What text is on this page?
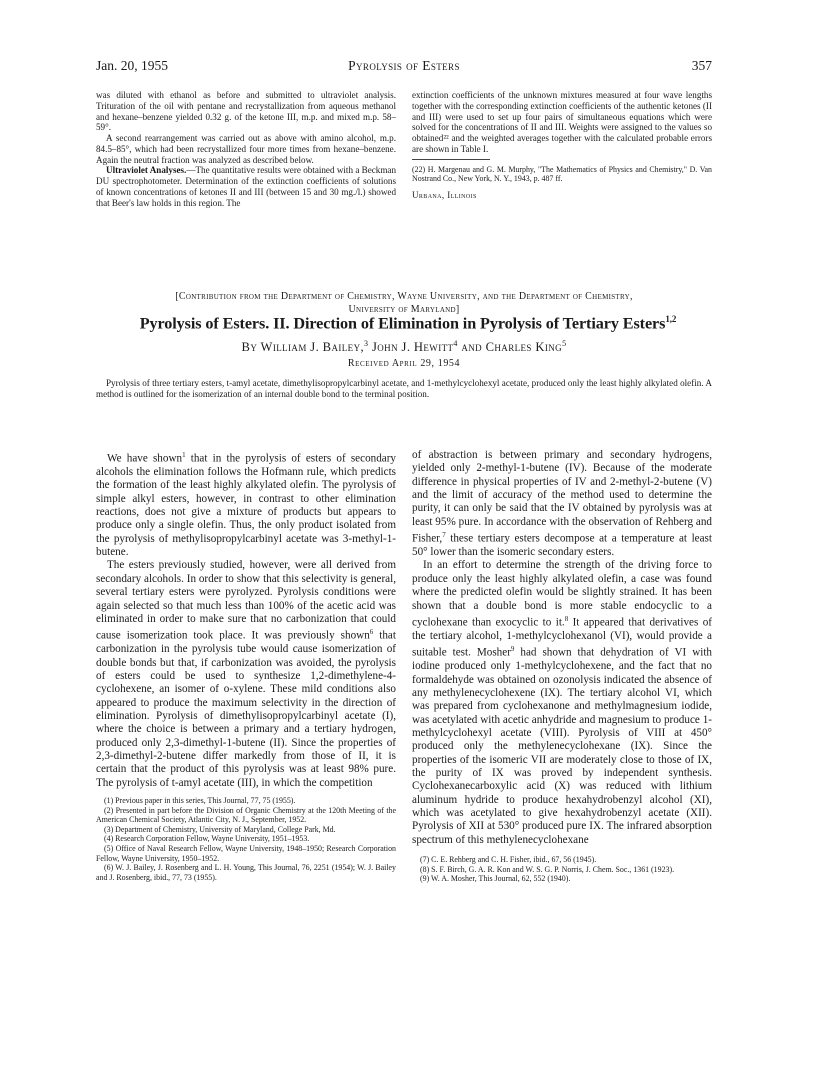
Jan. 20, 1955	Pyrolysis of Esters	357

was diluted with ethanol as before and submitted to ultraviolet analysis. Trituration of the oil with pentane and recrystallization from aqueous methanol and hexane–benzene yielded 0.32 g. of the ketone III, m.p. and mixed m.p. 58–59°.

A second rearrangement was carried out as above with amino alcohol, m.p. 84.5–85°, which had been recrystallized four more times from hexane–benzene. Again the neutral fraction was analyzed as described below.

Ultraviolet Analyses.—The quantitative results were obtained with a Beckman DU spectrophotometer. Determination of the extinction coefficients of solutions of known concentrations of ketones II and III (between 15 and 30 mg./l.) showed that Beer's law holds in this region. The

extinction coefficients of the unknown mixtures measured at four wave lengths together with the corresponding extinction coefficients of the authentic ketones (II and III) were used to set up four pairs of simultaneous equations which were solved for the concentrations of II and III. Weights were assigned to the values so obtained²² and the weighted averages together with the calculated probable errors are shown in Table I.

(22) H. Margenau and G. M. Murphy, "The Mathematics of Physics and Chemistry," D. Van Nostrand Co., New York, N. Y., 1943, p. 487 ff.
Urbana, Illinois
[Contribution from the Department of Chemistry, Wayne University, and the Department of Chemistry,
University of Maryland]
Pyrolysis of Esters. II. Direction of Elimination in Pyrolysis of Tertiary Esters$^{1,2}$
By William J. Bailey,$^3$ John J. Hewitt$^4$ and Charles King$^5$
Received April 29, 1954
Pyrolysis of three tertiary esters, t-amyl acetate, dimethylisopropylcarbinyl acetate, and 1-methylcyclohexyl acetate, produced only the least highly alkylated olefin. A method is outlined for the isomerization of an internal double bond to the terminal position.

We have shown$^1$ that in the pyrolysis of esters of secondary alcohols the elimination follows the Hofmann rule, which predicts the formation of the least highly alkylated olefin. The pyrolysis of simple alkyl esters, however, in contrast to other elimination reactions, does not give a mixture of products but appears to produce only a single olefin. Thus, the only product isolated from the pyrolysis of methylisopropylcarbinyl acetate was 3-methyl-1-butene.

The esters previously studied, however, were all derived from secondary alcohols. In order to show that this selectivity is general, several tertiary esters were pyrolyzed. Pyrolysis conditions were again selected so that much less than 100% of the acetic acid was eliminated in order to make sure that no carbonization that could cause isomerization took place. It was previously shown$^6$ that carbonization in the pyrolysis tube would cause isomerization of double bonds but that, if carbonization was avoided, the pyrolysis of esters could be used to synthesize 1,2-dimethylene-4-cyclohexene, an isomer of o-xylene. These mild conditions also appeared to produce the maximum selectivity in the direction of elimination. Pyrolysis of dimethylisopropylcarbinyl acetate (I), where the choice is between a primary and a tertiary hydrogen, produced only 2,3-dimethyl-1-butene (II). Since the properties of 2,3-dimethyl-2-butene differ markedly from those of II, it is certain that the product of this pyrolysis was at least 98% pure. The pyrolysis of t-amyl acetate (III), in which the competition

(1) Previous paper in this series, This Journal, 77, 75 (1955).
(2) Presented in part before the Division of Organic Chemistry at the 120th Meeting of the American Chemical Society, Atlantic City, N. J., September, 1952.
(3) Department of Chemistry, University of Maryland, College Park, Md.
(4) Research Corporation Fellow, Wayne University, 1951–1953.
(5) Office of Naval Research Fellow, Wayne University, 1948–1950; Research Corporation Fellow, Wayne University, 1950–1952.
(6) W. J. Bailey, J. Rosenberg and L. H. Young, This Journal, 76, 2251 (1954); W. J. Bailey and J. Rosenberg, ibid., 77, 73 (1955).

of abstraction is between primary and secondary hydrogens, yielded only 2-methyl-1-butene (IV). Because of the moderate difference in physical properties of IV and 2-methyl-2-butene (V) and the limit of accuracy of the method used to determine the purity, it can only be said that the IV obtained by pyrolysis was at least 95% pure. In accordance with the observation of Rehberg and Fisher,$^7$ these tertiary esters decompose at a temperature at least 50° lower than the isomeric secondary esters.

In an effort to determine the strength of the driving force to produce only the least highly alkylated olefin, a case was found where the predicted olefin would be slightly strained. It has been shown that a double bond is more stable endocyclic to a cyclohexane than exocyclic to it.$^8$ It appeared that derivatives of the tertiary alcohol, 1-methylcyclohexanol (VI), would provide a suitable test. Mosher$^9$ had shown that dehydration of VI with iodine produced only 1-methylcyclohexene, and the fact that no formaldehyde was obtained on ozonolysis indicated the absence of any methylenecyclohexene (IX). The tertiary alcohol VI, which was prepared from cyclohexanone and methylmagnesium iodide, was acetylated with acetic anhydride and magnesium to produce 1-methylcyclohexyl acetate (VIII). Pyrolysis of VIII at 450° produced only the methylenecyclohexane (IX). Since the properties of the isomeric VII are moderately close to those of IX, the purity of IX was proved by independent synthesis. Cyclohexanecarboxylic acid (X) was reduced with lithium aluminum hydride to produce hexahydrobenzyl alcohol (XI), which was acetylated to give hexahydrobenzyl acetate (XII). Pyrolysis of XII at 530° produced pure IX. The infrared absorption spectrum of this methylenecyclohexane

(7) C. E. Rehberg and C. H. Fisher, ibid., 67, 56 (1945).
(8) S. F. Birch, G. A. R. Kon and W. S. G. P. Norris, J. Chem. Soc., 1361 (1923).
(9) W. A. Mosher, This Journal, 62, 552 (1940).
